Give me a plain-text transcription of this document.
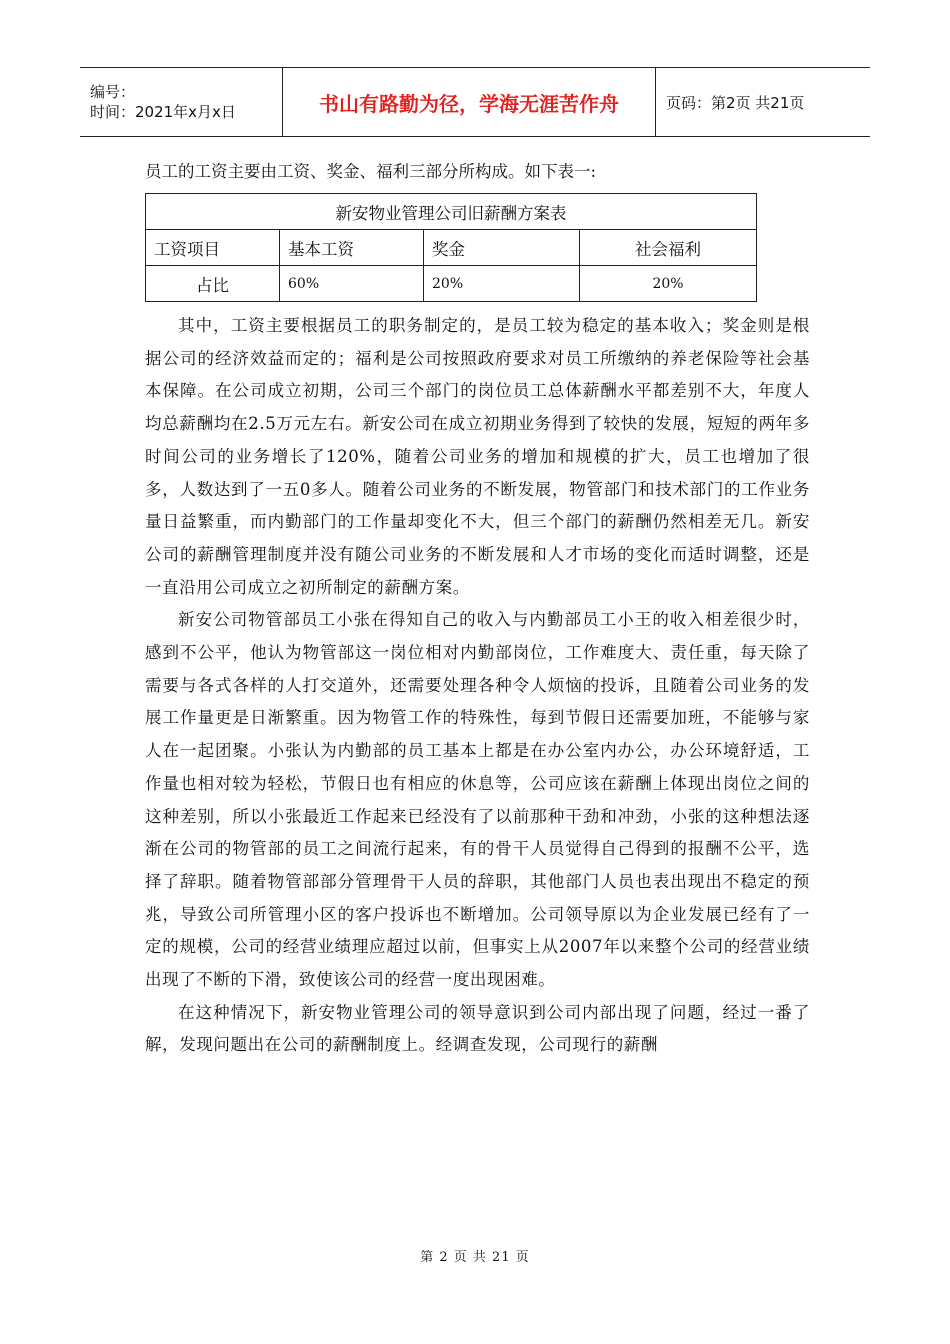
编号：
时间：2021年x月x日	书山有路勤为径，学海无涯苦作舟	页码：第2页 共21页

员工的工资主要由工资、奖金、福利三部分所构成。如下表一:

新安物业管理公司旧薪酬方案表			
工资项目	基本工资	奖金	社会福利
占比	60%	20%	20%

其中，工资主要根据员工的职务制定的，是员工较为稳定的基本收入；奖金则是根据公司的经济效益而定的；福利是公司按照政府要求对员工所缴纳的养老保险等社会基本保障。在公司成立初期，公司三个部门的岗位员工总体薪酬水平都差别不大，年度人均总薪酬均在2.5万元左右。新安公司在成立初期业务得到了较快的发展，短短的两年多时间公司的业务增长了120%，随着公司业务的增加和规模的扩大，员工也增加了很多，人数达到了一五0多人。随着公司业务的不断发展，物管部门和技术部门的工作业务量日益繁重，而内勤部门的工作量却变化不大，但三个部门的薪酬仍然相差无几。新安公司的薪酬管理制度并没有随公司业务的不断发展和人才市场的变化而适时调整，还是一直沿用公司成立之初所制定的薪酬方案。

新安公司物管部员工小张在得知自己的收入与内勤部员工小王的收入相差很少时，感到不公平，他认为物管部这一岗位相对内勤部岗位，工作难度大、责任重，每天除了需要与各式各样的人打交道外，还需要处理各种令人烦恼的投诉，且随着公司业务的发展工作量更是日渐繁重。因为物管工作的特殊性，每到节假日还需要加班，不能够与家人在一起团聚。小张认为内勤部的员工基本上都是在办公室内办公，办公环境舒适，工作量也相对较为轻松，节假日也有相应的休息等，公司应该在薪酬上体现出岗位之间的这种差别，所以小张最近工作起来已经没有了以前那种干劲和冲劲，小张的这种想法逐渐在公司的物管部的员工之间流行起来，有的骨干人员觉得自己得到的报酬不公平，选择了辞职。随着物管部部分管理骨干人员的辞职，其他部门人员也表出现出不稳定的预兆，导致公司所管理小区的客户投诉也不断增加。公司领导原以为企业发展已经有了一定的规模，公司的经营业绩理应超过以前，但事实上从2007年以来整个公司的经营业绩出现了不断的下滑，致使该公司的经营一度出现困难。

在这种情况下，新安物业管理公司的领导意识到公司内部出现了问题，经过一番了解，发现问题出在公司的薪酬制度上。经调查发现，公司现行的薪酬

第 2 页 共 21 页
